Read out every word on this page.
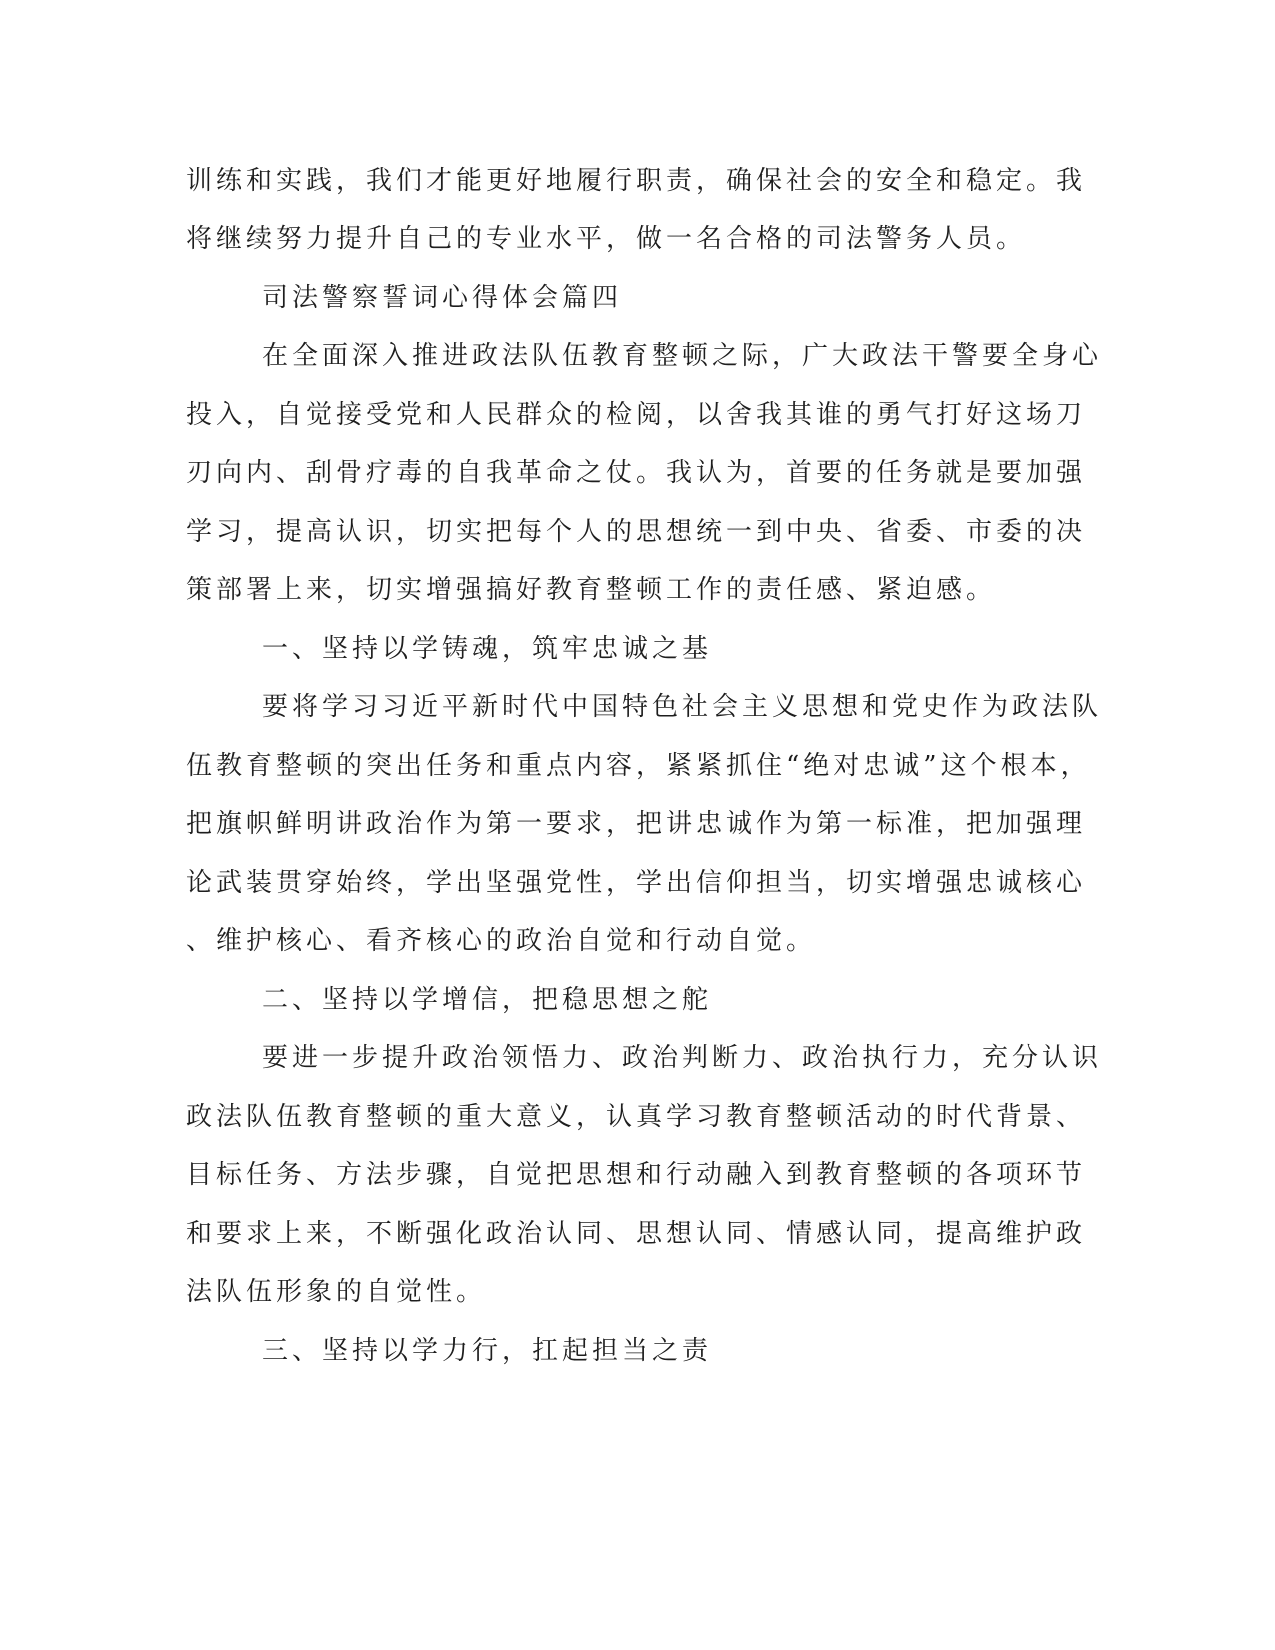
训练和实践，我们才能更好地履行职责，确保社会的安全和稳定。我
将继续努力提升自己的专业水平，做一名合格的司法警务人员。
司法警察誓词心得体会篇四
在全面深入推进政法队伍教育整顿之际，广大政法干警要全身心
投入，自觉接受党和人民群众的检阅，以舍我其谁的勇气打好这场刀
刃向内、刮骨疗毒的自我革命之仗。我认为，首要的任务就是要加强
学习，提高认识，切实把每个人的思想统一到中央、省委、市委的决
策部署上来，切实增强搞好教育整顿工作的责任感、紧迫感。
一、坚持以学铸魂，筑牢忠诚之基
要将学习习近平新时代中国特色社会主义思想和党史作为政法队
伍教育整顿的突出任务和重点内容，紧紧抓住“绝对忠诚”这个根本，
把旗帜鲜明讲政治作为第一要求，把讲忠诚作为第一标准，把加强理
论武装贯穿始终，学出坚强党性，学出信仰担当，切实增强忠诚核心
、维护核心、看齐核心的政治自觉和行动自觉。
二、坚持以学增信，把稳思想之舵
要进一步提升政治领悟力、政治判断力、政治执行力，充分认识
政法队伍教育整顿的重大意义，认真学习教育整顿活动的时代背景、
目标任务、方法步骤，自觉把思想和行动融入到教育整顿的各项环节
和要求上来，不断强化政治认同、思想认同、情感认同，提高维护政
法队伍形象的自觉性。
三、坚持以学力行，扛起担当之责
